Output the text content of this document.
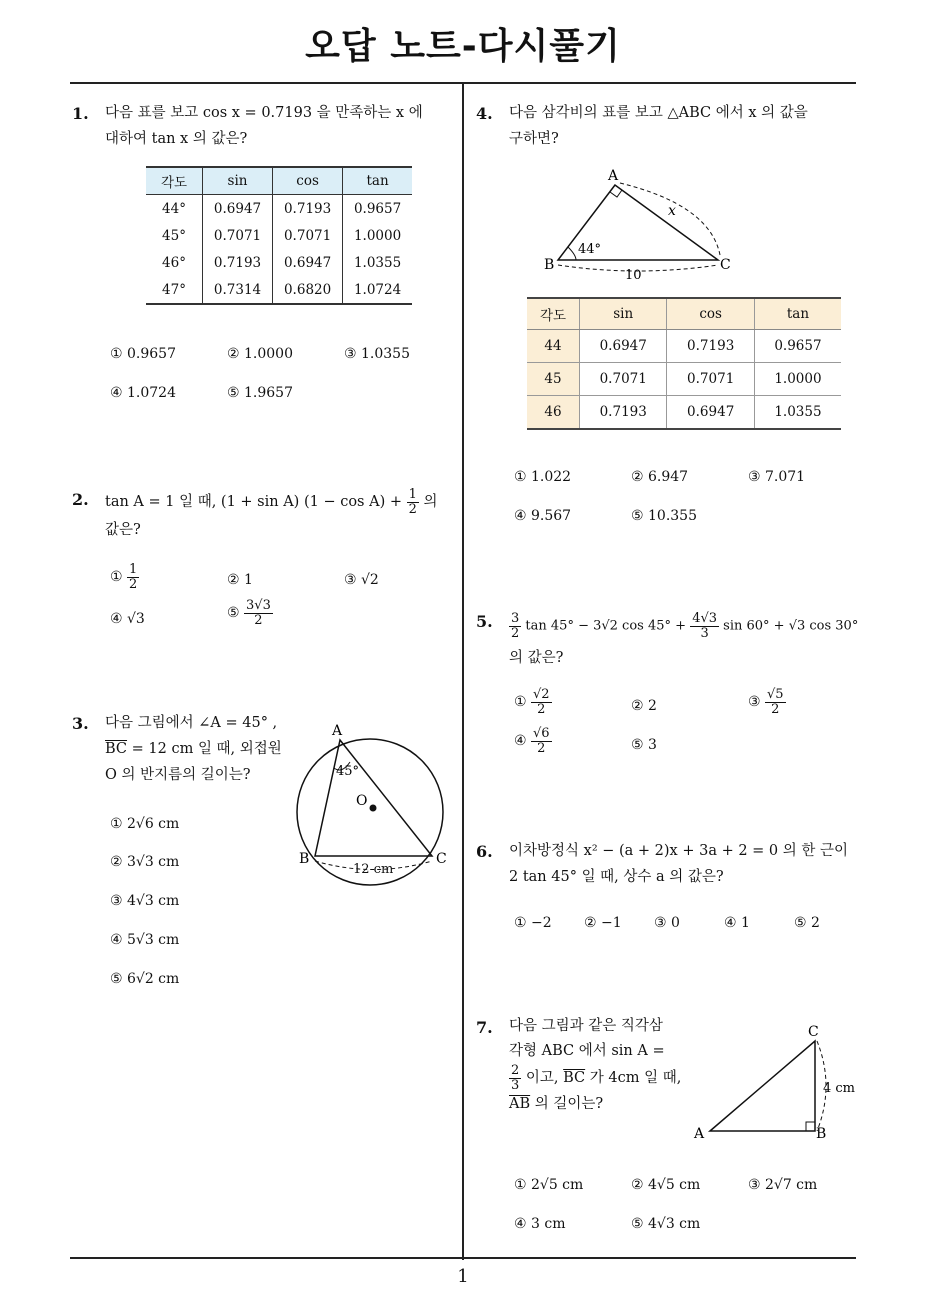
오답 노트-다시풀기
1
1. 다음 표를 보고 cos x = 0.7193 을 만족하는 x 에
대하여 tan x 의 값은?
각도	sin	cos	tan
44°	0.6947	0.7193	0.9657
45°	0.7071	0.7071	1.0000
46°	0.7193	0.6947	1.0355
47°	0.7314	0.6820	1.0724
① 0.9657	② 1.0000	③ 1.0355
④ 1.0724	⑤ 1.9657
2. tan A = 1 일 때, (1 + sin A) $(1 - \cos A) + \frac{1}{2}$ 의
값은?
① $\frac{1}{2}$	② 1	③ √2
④ √3	⑤ $\frac{3√3}{2}$
3. 다음 그림에서 ∠A = 45° ,
$\overline{BC} = 12$ cm 일 때, 외접원
O 의 반지름의 길이는?
A
B	C
O
45°
12 cm
① 2√6 cm
② 3√3 cm
③ 4√3 cm
④ 5√3 cm
⑤ 6√2 cm
4. 다음 삼각비의 표를 보고 △ABC 에서 x 의 값을
구하면?
A
B	C
x
44°
10
각도	sin	cos	tan
44	0.6947	0.7193	0.9657
45	0.7071	0.7071	1.0000
46	0.7193	0.6947	1.0355
① 1.022	② 6.947	③ 7.071
④ 9.567	⑤ 10.355
5. $\frac{3}{2}$ tan 45° − 3√2 $\cos 45^\circ + \frac{4√3}{3}$ sin 60° + √3 cos 30°
의 값은?
① $\frac{√2}{2}$	② 2	③ $\frac{√5}{2}$
④ $\frac{√6}{2}$	⑤ 3
6. 이차방정식 x² − (a + 2)x + 3a + 2 = 0 의 한 근이
2 tan 45° 일 때, 상수 a 의 값은?
① −2 ② −1 ③ 0	④ 1	⑤ 2
7. 다음 그림과 같은 직각삼
각형 ABC 에서 sin A =
$\frac{2}{3}$ 이고, $\overline{BC}$ 가 4cm 일 때,
$\overline{AB}$ 의 길이는?
C
A	B
4 cm
① 2√5 cm	② 4√5 cm	③ 2√7 cm
④ 3 cm	⑤ 4√3 cm
